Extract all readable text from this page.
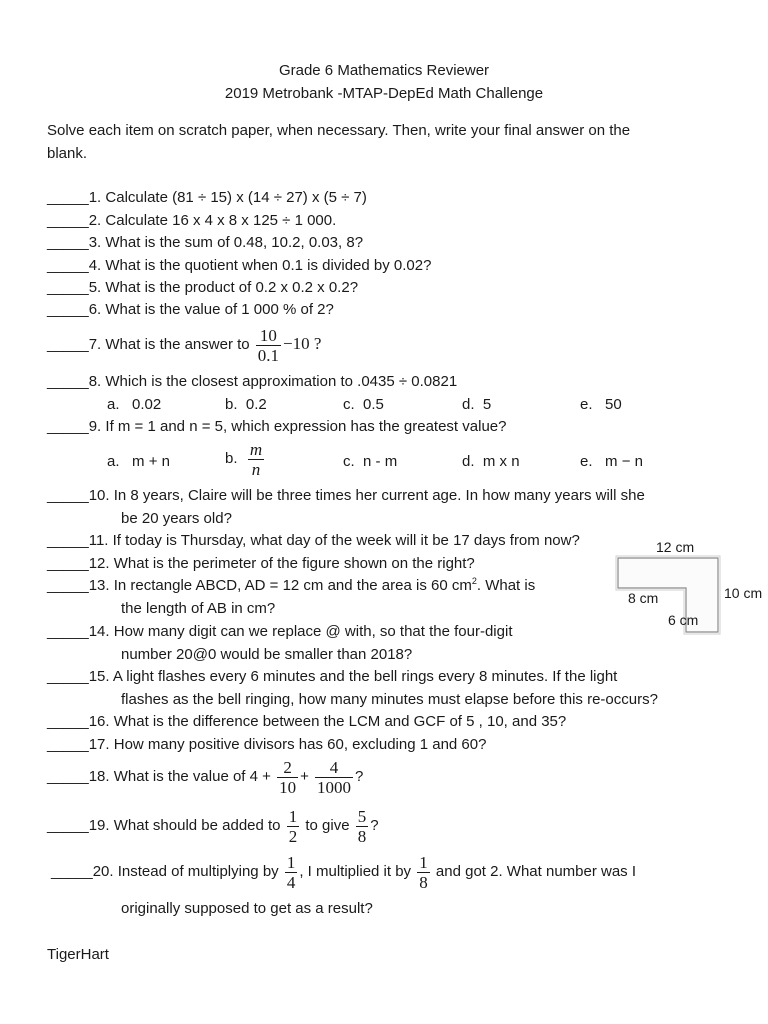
Grade 6 Mathematics Reviewer
2019 Metrobank -MTAP-DepEd Math Challenge
Solve each item on scratch paper, when necessary. Then, write your final answer on the
blank.
_____1. Calculate (81 ÷ 15) x (14 ÷ 27) x (5 ÷ 7)
_____2. Calculate 16 x 4 x 8 x 125 ÷ 1 000.
_____3. What is the sum of 0.48, 10.2, 0.03, 8?
_____4. What is the quotient when 0.1 is divided by 0.02?
_____5. What is the product of 0.2 x 0.2 x 0.2?
_____6. What is the value of 1 000 % of 2?
_____7. What is the answer to $\frac{10}{0.1} -10$ ?
_____8. Which is the closest approximation to .0435 ÷ 0.0821
a. 0.02	b. 0.2	c. 0.5	d. 5	e. 50
_____9. If m = 1 and n = 5, which expression has the greatest value?
a. m + n	b. $\frac{m}{n}$	c. n - m	d. m x n	e. m − n
_____10. In 8 years, Claire will be three times her current age. In how many years will she
be 20 years old?
_____11. If today is Thursday, what day of the week will it be 17 days from now?
_____12. What is the perimeter of the figure shown on the right?
_____13. In rectangle ABCD, AD = 12 cm and the area is 60 $cm^2$. What is
the length of AB in cm?
_____14. How many digit can we replace @ with, so that the four-digit
number 20@0 would be smaller than 2018?
_____15. A light flashes every 6 minutes and the bell rings every 8 minutes. If the light
flashes as the bell ringing, how many minutes must elapse before this re-occurs?
_____16. What is the difference between the LCM and GCF of 5 , 10, and 35?
_____17. How many positive divisors has 60, excluding 1 and 60?
_____18. What is the value of $4 + \frac{2}{10} + \frac{4}{1000}$ ?
_____19. What should be added to $\frac{1}{2}$ to give $\frac{5}{8}$ ?
_____20. Instead of multiplying by $\frac{1}{4}$ , I multiplied it by $\frac{1}{8}$ and got 2. What number was I
originally supposed to get as a result?
12 cm
10 cm
8 cm
6 cm
TigerHart
